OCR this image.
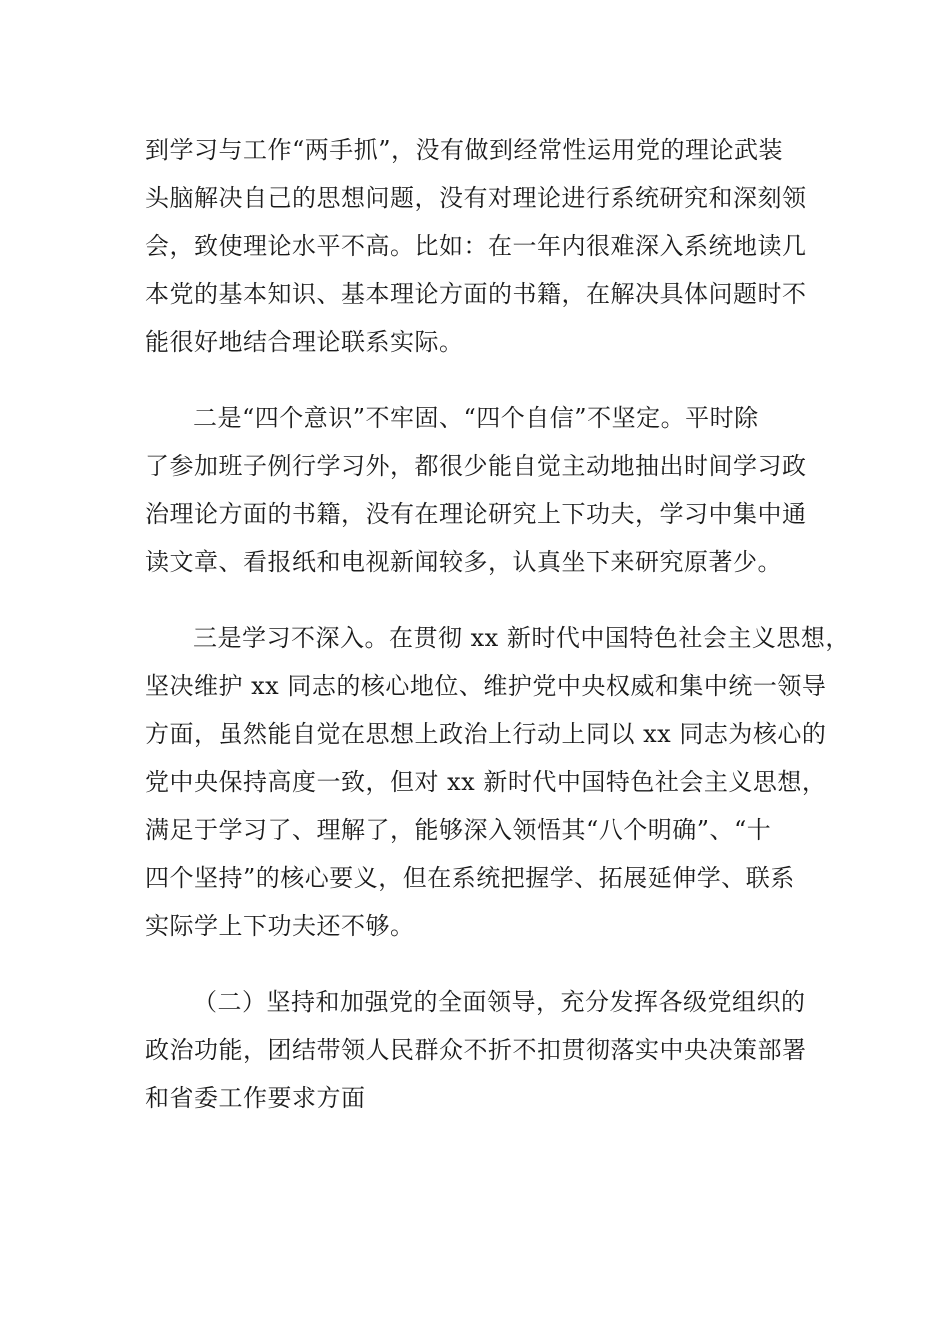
到学习与工作“两手抓”，没有做到经常性运用党的理论武装
头脑解决自己的思想问题，没有对理论进行系统研究和深刻领
会，致使理论水平不高。比如：在一年内很难深入系统地读几
本党的基本知识、基本理论方面的书籍，在解决具体问题时不
能很好地结合理论联系实际。
二是“四个意识”不牢固、“四个自信”不坚定。平时除
了参加班子例行学习外，都很少能自觉主动地抽出时间学习政
治理论方面的书籍，没有在理论研究上下功夫，学习中集中通
读文章、看报纸和电视新闻较多，认真坐下来研究原著少。
三是学习不深入。在贯彻 xx 新时代中国特色社会主义思想，
坚决维护 xx 同志的核心地位、维护党中央权威和集中统一领导
方面，虽然能自觉在思想上政治上行动上同以 xx 同志为核心的
党中央保持高度一致，但对 xx 新时代中国特色社会主义思想，
满足于学习了、理解了，能够深入领悟其“八个明确”、“十
四个坚持”的核心要义，但在系统把握学、拓展延伸学、联系
实际学上下功夫还不够。
（二）坚持和加强党的全面领导，充分发挥各级党组织的
政治功能，团结带领人民群众不折不扣贯彻落实中央决策部署
和省委工作要求方面
